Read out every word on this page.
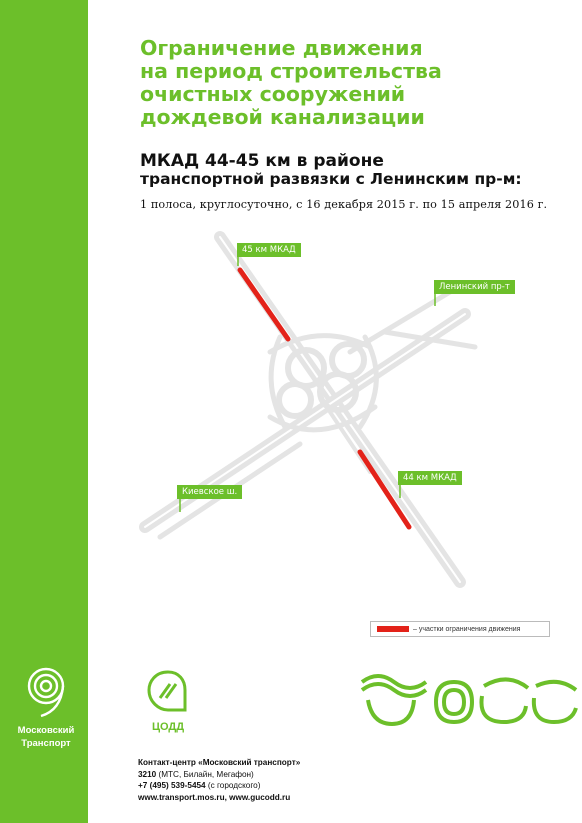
Ограничение движения
на период строительства
очистных сооружений
дождевой канализации
МКАД 44-45 км в районе
транспортной развязки с Ленинским пр-м:
1 полоса, круглосуточно, с 16 декабря 2015 г. по 15 апреля 2016 г.
45 км МКАД
Ленинский пр-т
Киевское ш.
44 км МКАД
– участки ограничения движения
Московский
Транспорт
ЦОДД
Контакт-центр «Московский транспорт»
3210 (МТС, Билайн, Мегафон)
+7 (495) 539-5454 (с городского)
www.transport.mos.ru, www.gucodd.ru
